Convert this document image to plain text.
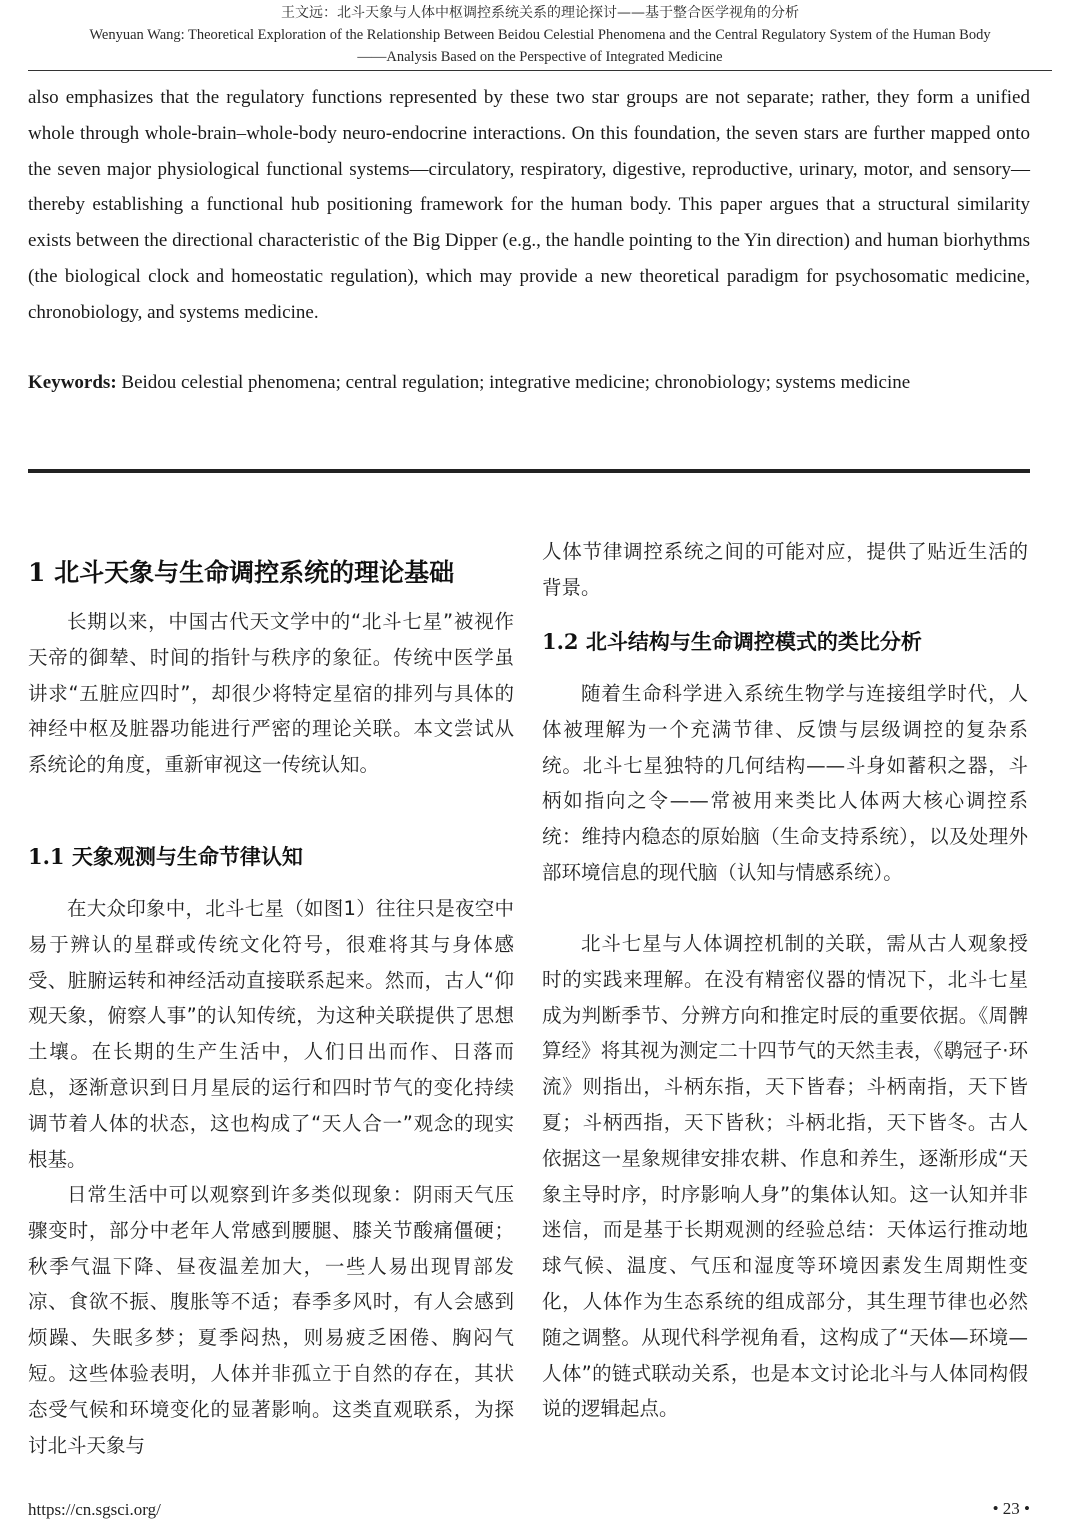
王文远：北斗天象与人体中枢调控系统关系的理论探讨——基于整合医学视角的分析
Wenyuan Wang: Theoretical Exploration of the Relationship Between Beidou Celestial Phenomena and the Central Regulatory System of the Human Body
——Analysis Based on the Perspective of Integrated Medicine

also emphasizes that the regulatory functions represented by these two star groups are not separate; rather, they form a unified whole through whole-brain–whole-body neuro-endocrine interactions. On this foundation, the seven stars are further mapped onto the seven major physiological functional systems—circulatory, respiratory, digestive, reproductive, urinary, motor, and sensory—thereby establishing a functional hub positioning framework for the human body. This paper argues that a structural similarity exists between the directional characteristic of the Big Dipper (e.g., the handle pointing to the Yin direction) and human biorhythms (the biological clock and homeostatic regulation), which may provide a new theoretical paradigm for psychosomatic medicine, chronobiology, and systems medicine.

Keywords: Beidou celestial phenomena; central regulation; integrative medicine; chronobiology; systems medicine
1 北斗天象与生命调控系统的理论基础

长期以来，中国古代天文学中的“北斗七星”被视作天帝的御辇、时间的指针与秩序的象征。传统中医学虽讲求“五脏应四时”，却很少将特定星宿的排列与具体的神经中枢及脏器功能进行严密的理论关联。本文尝试从系统论的角度，重新审视这一传统认知。

1.1 天象观测与生命节律认知

在大众印象中，北斗七星（如图1）往往只是夜空中易于辨认的星群或传统文化符号，很难将其与身体感受、脏腑运转和神经活动直接联系起来。然而，古人“仰观天象，俯察人事”的认知传统，为这种关联提供了思想土壤。在长期的生产生活中，人们日出而作、日落而息，逐渐意识到日月星辰的运行和四时节气的变化持续调节着人体的状态，这也构成了“天人合一”观念的现实根基。

日常生活中可以观察到许多类似现象：阴雨天气压骤变时，部分中老年人常感到腰腿、膝关节酸痛僵硬；秋季气温下降、昼夜温差加大，一些人易出现胃部发凉、食欲不振、腹胀等不适；春季多风时，有人会感到烦躁、失眠多梦；夏季闷热，则易疲乏困倦、胸闷气短。这些体验表明，人体并非孤立于自然的存在，其状态受气候和环境变化的显著影响。这类直观联系，为探讨北斗天象与

人体节律调控系统之间的可能对应，提供了贴近生活的背景。

1.2 北斗结构与生命调控模式的类比分析

随着生命科学进入系统生物学与连接组学时代，人体被理解为一个充满节律、反馈与层级调控的复杂系统。北斗七星独特的几何结构——斗身如蓄积之器，斗柄如指向之令——常被用来类比人体两大核心调控系统：维持内稳态的原始脑（生命支持系统），以及处理外部环境信息的现代脑（认知与情感系统）。

北斗七星与人体调控机制的关联，需从古人观象授时的实践来理解。在没有精密仪器的情况下，北斗七星成为判断季节、分辨方向和推定时辰的重要依据。《周髀算经》将其视为测定二十四节气的天然圭表，《鹖冠子·环流》则指出，斗柄东指，天下皆春；斗柄南指，天下皆夏；斗柄西指，天下皆秋；斗柄北指，天下皆冬。古人依据这一星象规律安排农耕、作息和养生，逐渐形成“天象主导时序，时序影响人身”的集体认知。这一认知并非迷信，而是基于长期观测的经验总结：天体运行推动地球气候、温度、气压和湿度等环境因素发生周期性变化，人体作为生态系统的组成部分，其生理节律也必然随之调整。从现代科学视角看，这构成了“天体—环境—人体”的链式联动关系，也是本文讨论北斗与人体同构假说的逻辑起点。

https://cn.sgsci.org/	• 23 •
